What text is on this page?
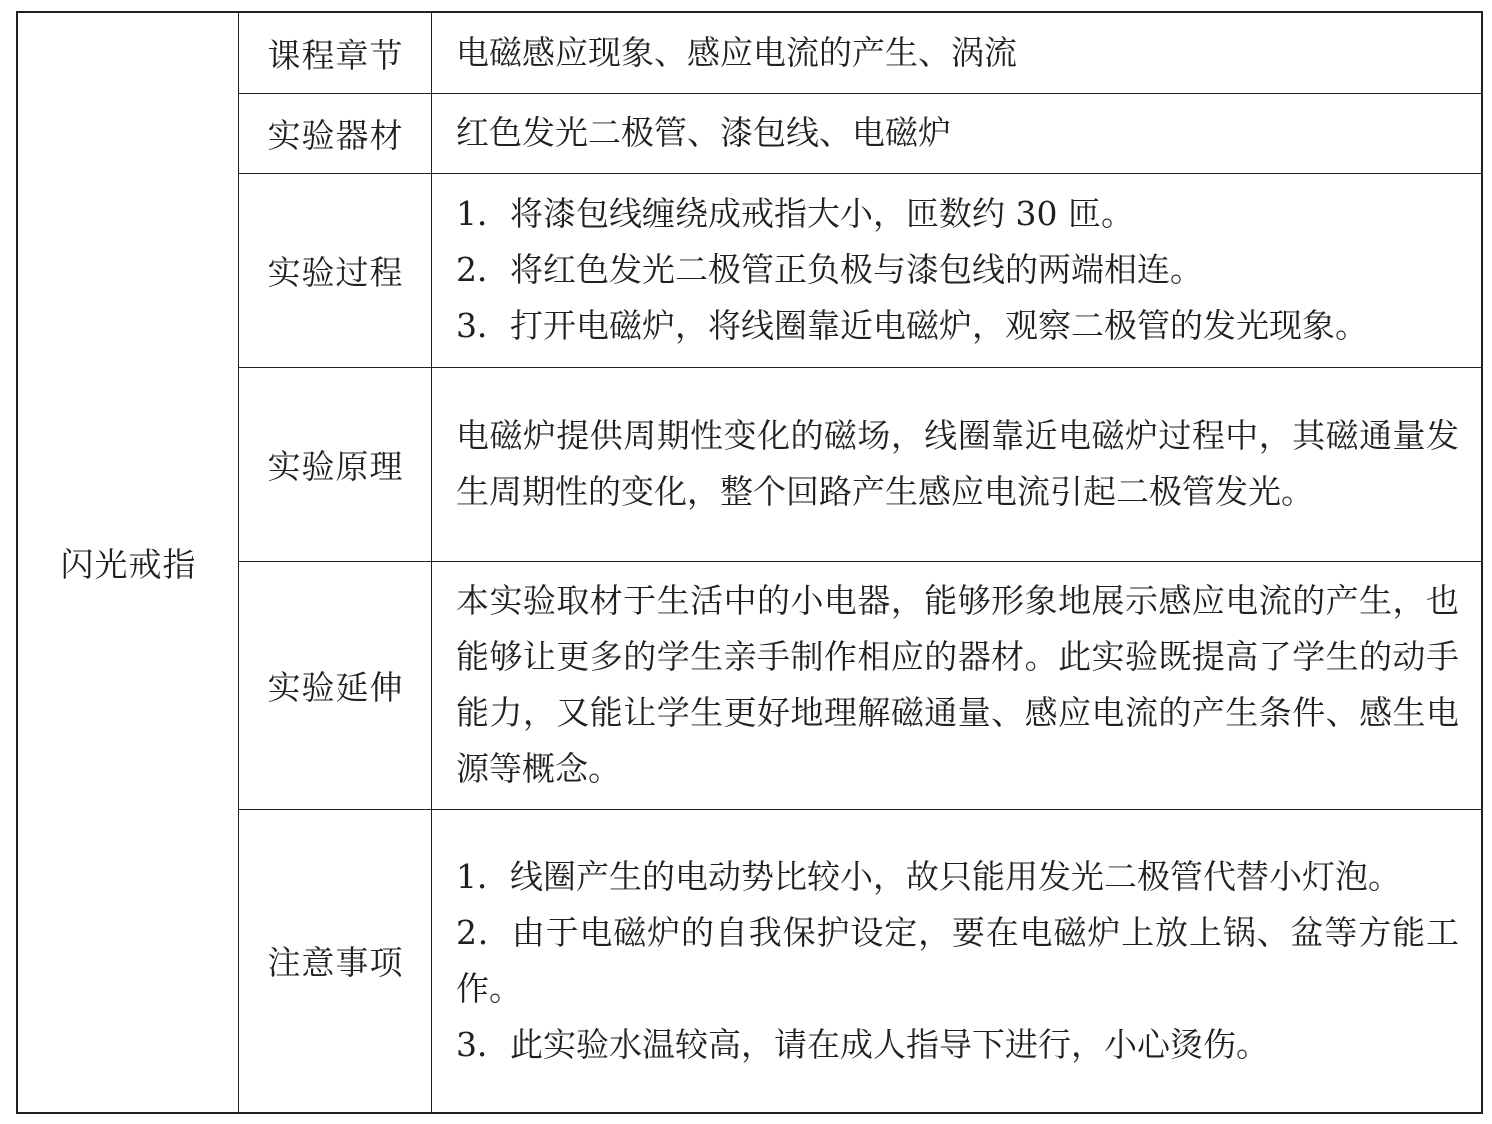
闪光戒指
课程章节	电磁感应现象、感应电流的产生、涡流

实验器材	红色发光二极管、漆包线、电磁炉

实验过程

1．将漆包线缠绕成戒指大小，匝数约 30 匝。

2．将红色发光二极管正负极与漆包线的两端相连。

3．打开电磁炉，将线圈靠近电磁炉，观察二极管的发光现象。

实验原理

电磁炉提供周期性变化的磁场，线圈靠近电磁炉过程中，其磁通量发生周期性的变化，整个回路产生感应电流引起二极管发光。

实验延伸

本实验取材于生活中的小电器，能够形象地展示感应电流的产生，也能够让更多的学生亲手制作相应的器材。此实验既提高了学生的动手能力，又能让学生更好地理解磁通量、感应电流的产生条件、感生电源等概念。

注意事项

1．线圈产生的电动势比较小，故只能用发光二极管代替小灯泡。

2．由于电磁炉的自我保护设定，要在电磁炉上放上锅、盆等方能工作。

3．此实验水温较高，请在成人指导下进行，小心烫伤。
